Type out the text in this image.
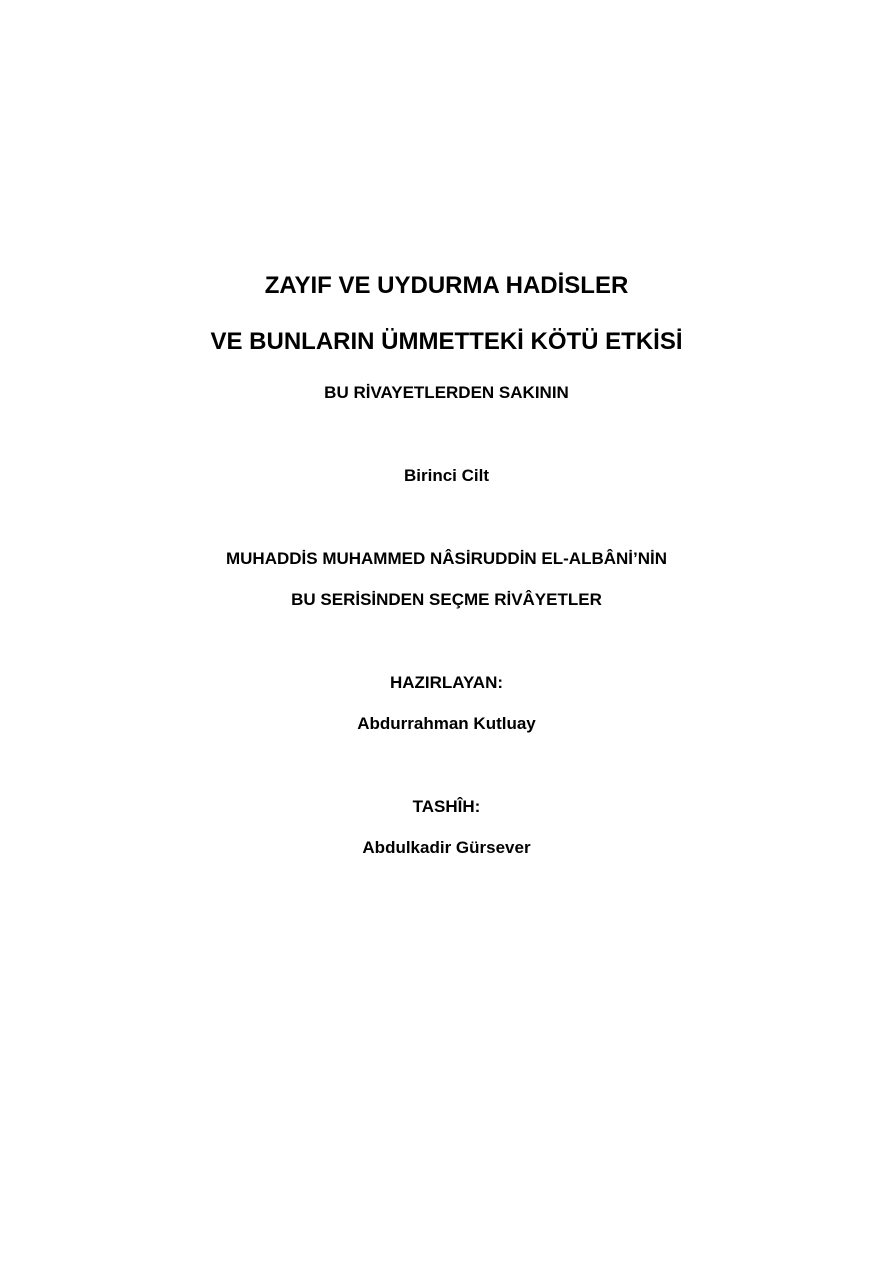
ZAYIF VE UYDURMA HADİSLER
VE BUNLARIN ÜMMETTEKİ KÖTÜ ETKİSİ
BU RİVAYETLERDEN SAKININ
Birinci Cilt
MUHADDİS MUHAMMED NÂSİRUDDİN EL-ALBÂNİ’NİN
BU SERİSİNDEN SEÇME RİVÂYETLER
HAZIRLAYAN:
Abdurrahman Kutluay
TASHÎH:
Abdulkadir Gürsever
